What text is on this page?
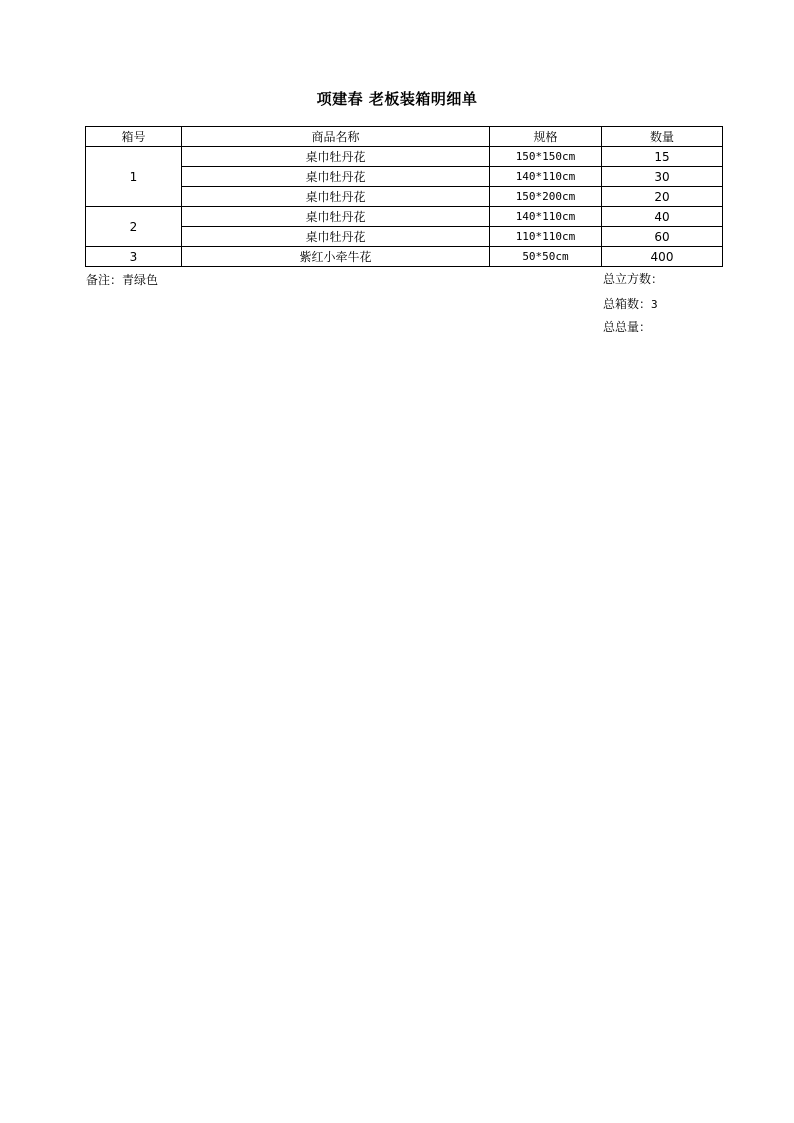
项建春 老板装箱明细单
箱号	商品名称	规格	数量
1	桌巾牡丹花	150*150cm	15
	桌巾牡丹花	140*110cm	30
	桌巾牡丹花	150*200cm	20
2	桌巾牡丹花	140*110cm	40
	桌巾牡丹花	110*110cm	60
3	紫红小牵牛花	50*50cm	400
备注：青绿色	总立方数：
总箱数：3
总总量：
